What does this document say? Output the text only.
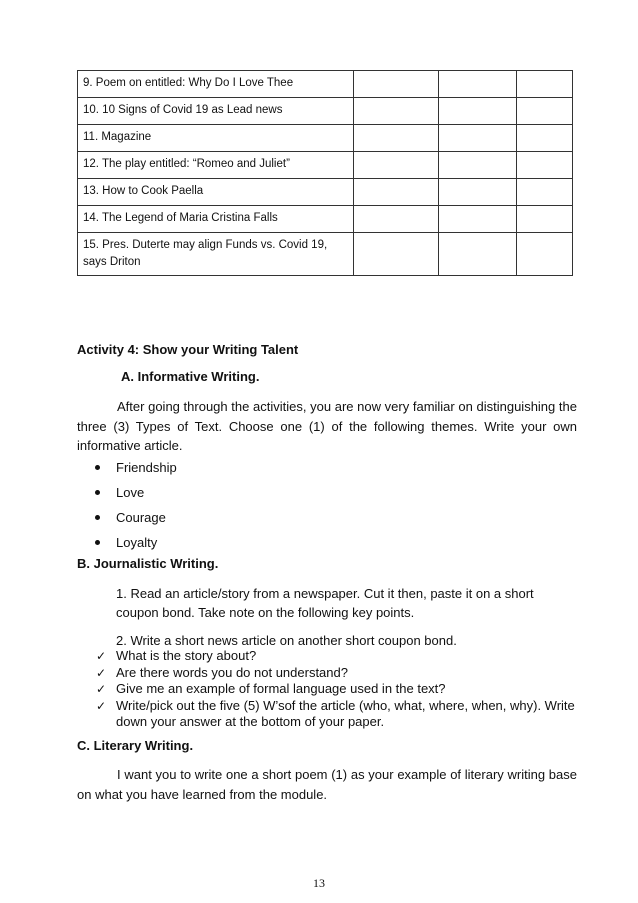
9. Poem on entitled: Why Do I Love Thee			
10. 10 Signs of Covid 19 as Lead news			
11. Magazine			
12. The play entitled: “Romeo and Juliet”			
13. How to Cook Paella			
14. The Legend of Maria Cristina Falls			
15. Pres. Duterte may align Funds vs. Covid 19, says Driton			
Activity 4: Show your Writing Talent
A. Informative Writing.
After going through the activities, you are now very familiar on distinguishing the three (3) Types of Text. Choose one (1) of the following themes. Write your own informative article.
Friendship
Love
Courage
Loyalty
B. Journalistic Writing.
1. Read an article/story from a newspaper. Cut it then, paste it on a short coupon bond. Take note on the following key points.
2. Write a short news article on another short coupon bond.
✓ What is the story about?
✓ Are there words you do not understand?
✓ Give me an example of formal language used in the text?
✓ Write/pick out the five (5) W’sof the article (who, what, where, when, why). Write down your answer at the bottom of your paper.
C. Literary Writing.
I want you to write one a short poem (1) as your example of literary writing base on what you have learned from the module.
13
